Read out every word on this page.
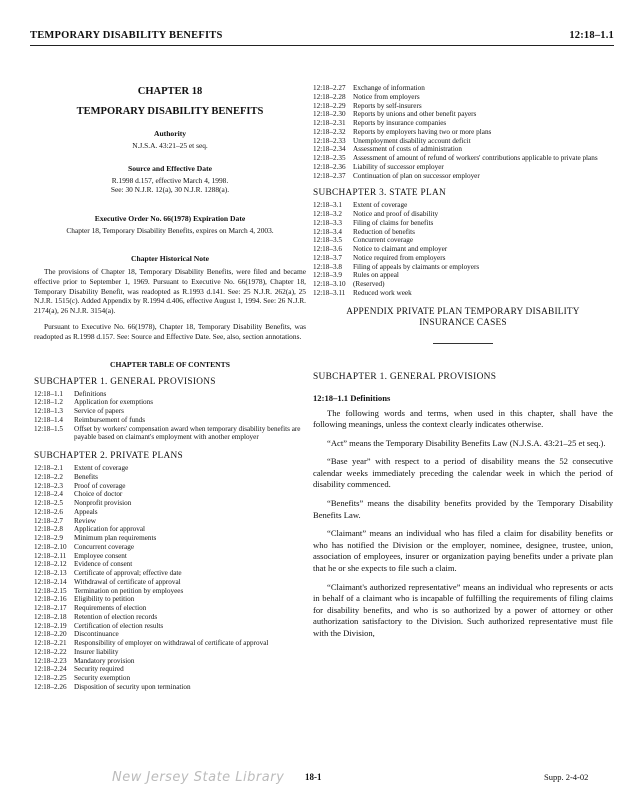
TEMPORARY DISABILITY BENEFITS	12:18–1.1
CHAPTER 18
TEMPORARY DISABILITY BENEFITS
Authority
N.J.S.A. 43:21–25 et seq.
Source and Effective Date
R.1998 d.157, effective March 4, 1998.
See: 30 N.J.R. 12(a), 30 N.J.R. 1288(a).
Executive Order No. 66(1978) Expiration Date
Chapter 18, Temporary Disability Benefits, expires on March 4, 2003.
Chapter Historical Note

The provisions of Chapter 18, Temporary Disability Benefits, were filed and became effective prior to September 1, 1969. Pursuant to Executive No. 66(1978), Chapter 18, Temporary Disability Benefit, was readopted as R.1993 d.141. See: 25 N.J.R. 262(a), 25 N.J.R. 1515(c). Added Appendix by R.1994 d.406, effective August 1, 1994. See: 26 N.J.R. 2174(a), 26 N.J.R. 3154(a).

Pursuant to Executive No. 66(1978), Chapter 18, Temporary Disability Benefits, was readopted as R.1998 d.157. See: Source and Effective Date. See, also, section annotations.

CHAPTER TABLE OF CONTENTS
SUBCHAPTER 1. GENERAL PROVISIONS
12:18–1.1	Definitions
12:18–1.2	Application for exemptions
12:18–1.3	Service of papers
12:18–1.4	Reimbursement of funds
12:18–1.5	Offset by workers' compensation award when temporary disability benefits are payable based on claimant's employment with another employer
SUBCHAPTER 2. PRIVATE PLANS
12:18–2.1	Extent of coverage
12:18–2.2	Benefits
12:18–2.3	Proof of coverage
12:18–2.4	Choice of doctor
12:18–2.5	Nonprofit provision
12:18–2.6	Appeals
12:18–2.7	Review
12:18–2.8	Application for approval
12:18–2.9	Minimum plan requirements
12:18–2.10	Concurrent coverage
12:18–2.11	Employee consent
12:18–2.12	Evidence of consent
12:18–2.13	Certificate of approval; effective date
12:18–2.14	Withdrawal of certificate of approval
12:18–2.15	Termination on petition by employees
12:18–2.16	Eligibility to petition
12:18–2.17	Requirements of election
12:18–2.18	Retention of election records
12:18–2.19	Certification of election results
12:18–2.20	Discontinuance
12:18–2.21	Responsibility of employer on withdrawal of certificate of approval
12:18–2.22	Insurer liability
12:18–2.23	Mandatory provision
12:18–2.24	Security required
12:18–2.25	Security exemption
12:18–2.26	Disposition of security upon termination
12:18–2.27	Exchange of information
12:18–2.28	Notice from employers
12:18–2.29	Reports by self-insurers
12:18–2.30	Reports by unions and other benefit payers
12:18–2.31	Reports by insurance companies
12:18–2.32	Reports by employers having two or more plans
12:18–2.33	Unemployment disability account deficit
12:18–2.34	Assessment of costs of administration
12:18–2.35	Assessment of amount of refund of workers' contributions applicable to private plans
12:18–2.36	Liability of successor employer
12:18–2.37	Continuation of plan on successor employer
SUBCHAPTER 3. STATE PLAN
12:18–3.1	Extent of coverage
12:18–3.2	Notice and proof of disability
12:18–3.3	Filing of claims for benefits
12:18–3.4	Reduction of benefits
12:18–3.5	Concurrent coverage
12:18–3.6	Notice to claimant and employer
12:18–3.7	Notice required from employers
12:18–3.8	Filing of appeals by claimants or employers
12:18–3.9	Rules on appeal
12:18–3.10	(Reserved)
12:18–3.11	Reduced work week
APPENDIX PRIVATE PLAN TEMPORARY DISABILITY INSURANCE CASES
SUBCHAPTER 1. GENERAL PROVISIONS
12:18–1.1 Definitions

The following words and terms, when used in this chapter, shall have the following meanings, unless the context clearly indicates otherwise.

“Act” means the Temporary Disability Benefits Law (N.J.S.A. 43:21–25 et seq.).

“Base year” with respect to a period of disability means the 52 consecutive calendar weeks immediately preceding the calendar week in which the period of disability commenced.

“Benefits” means the disability benefits provided by the Temporary Disability Benefits Law.

“Claimant” means an individual who has filed a claim for disability benefits or who has notified the Division or the employer, nominee, designee, trustee, union, association of employees, insurer or organization paying benefits under a private plan that he or she expects to file such a claim.

“Claimant's authorized representative” means an individual who represents or acts in behalf of a claimant who is incapable of fulfilling the requirements of filing claims for disability benefits, and who is so authorized by a power of attorney or other authorization satisfactory to the Division. Such authorized representative must file with the Division,

New Jersey State Library 18-1	Supp. 2-4-02
